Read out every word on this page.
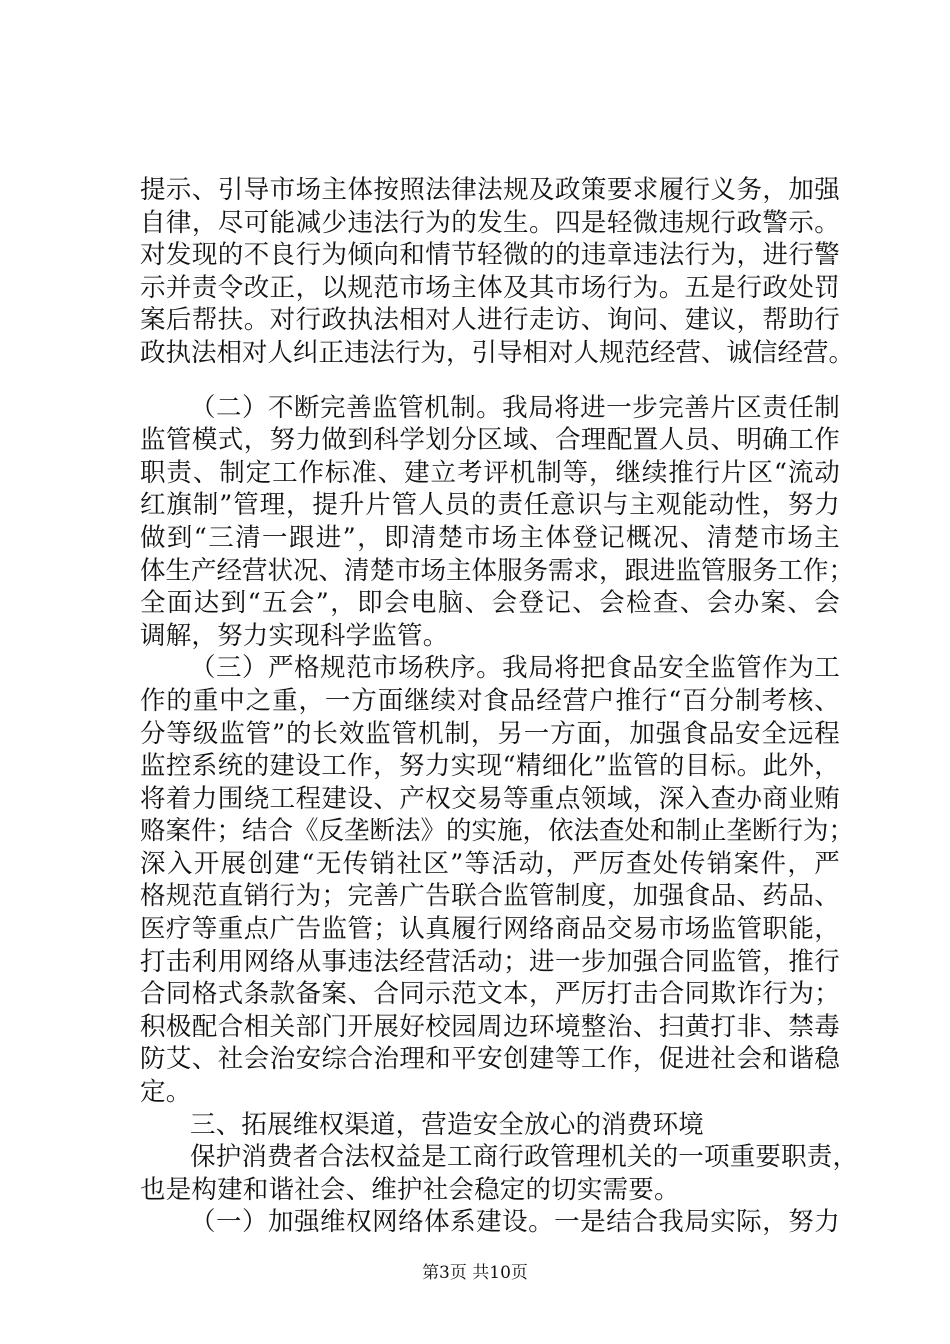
提示、引导市场主体按照法律法规及政策要求履行义务，加强
自律，尽可能减少违法行为的发生。四是轻微违规行政警示。
对发现的不良行为倾向和情节轻微的的违章违法行为，进行警
示并责令改正，以规范市场主体及其市场行为。五是行政处罚
案后帮扶。对行政执法相对人进行走访、询问、建议，帮助行
政执法相对人纠正违法行为，引导相对人规范经营、诚信经营。
（二）不断完善监管机制。我局将进一步完善片区责任制
监管模式，努力做到科学划分区域、合理配置人员、明确工作
职责、制定工作标准、建立考评机制等，继续推行片区“流动
红旗制”管理，提升片管人员的责任意识与主观能动性，努力
做到“三清一跟进”，即清楚市场主体登记概况、清楚市场主
体生产经营状况、清楚市场主体服务需求，跟进监管服务工作；
全面达到“五会”，即会电脑、会登记、会检查、会办案、会
调解，努力实现科学监管。
（三）严格规范市场秩序。我局将把食品安全监管作为工
作的重中之重，一方面继续对食品经营户推行“百分制考核、
分等级监管”的长效监管机制，另一方面，加强食品安全远程
监控系统的建设工作，努力实现“精细化”监管的目标。此外，
将着力围绕工程建设、产权交易等重点领域，深入查办商业贿
赂案件；结合《反垄断法》的实施，依法查处和制止垄断行为；
深入开展创建“无传销社区”等活动，严厉查处传销案件，严
格规范直销行为；完善广告联合监管制度，加强食品、药品、
医疗等重点广告监管；认真履行网络商品交易市场监管职能，
打击利用网络从事违法经营活动；进一步加强合同监管，推行
合同格式条款备案、合同示范文本，严厉打击合同欺诈行为；
积极配合相关部门开展好校园周边环境整治、扫黄打非、禁毒
防艾、社会治安综合治理和平安创建等工作，促进社会和谐稳
定。
三、拓展维权渠道，营造安全放心的消费环境
保护消费者合法权益是工商行政管理机关的一项重要职责，
也是构建和谐社会、维护社会稳定的切实需要。
（一）加强维权网络体系建设。一是结合我局实际，努力
第3页 共10页
